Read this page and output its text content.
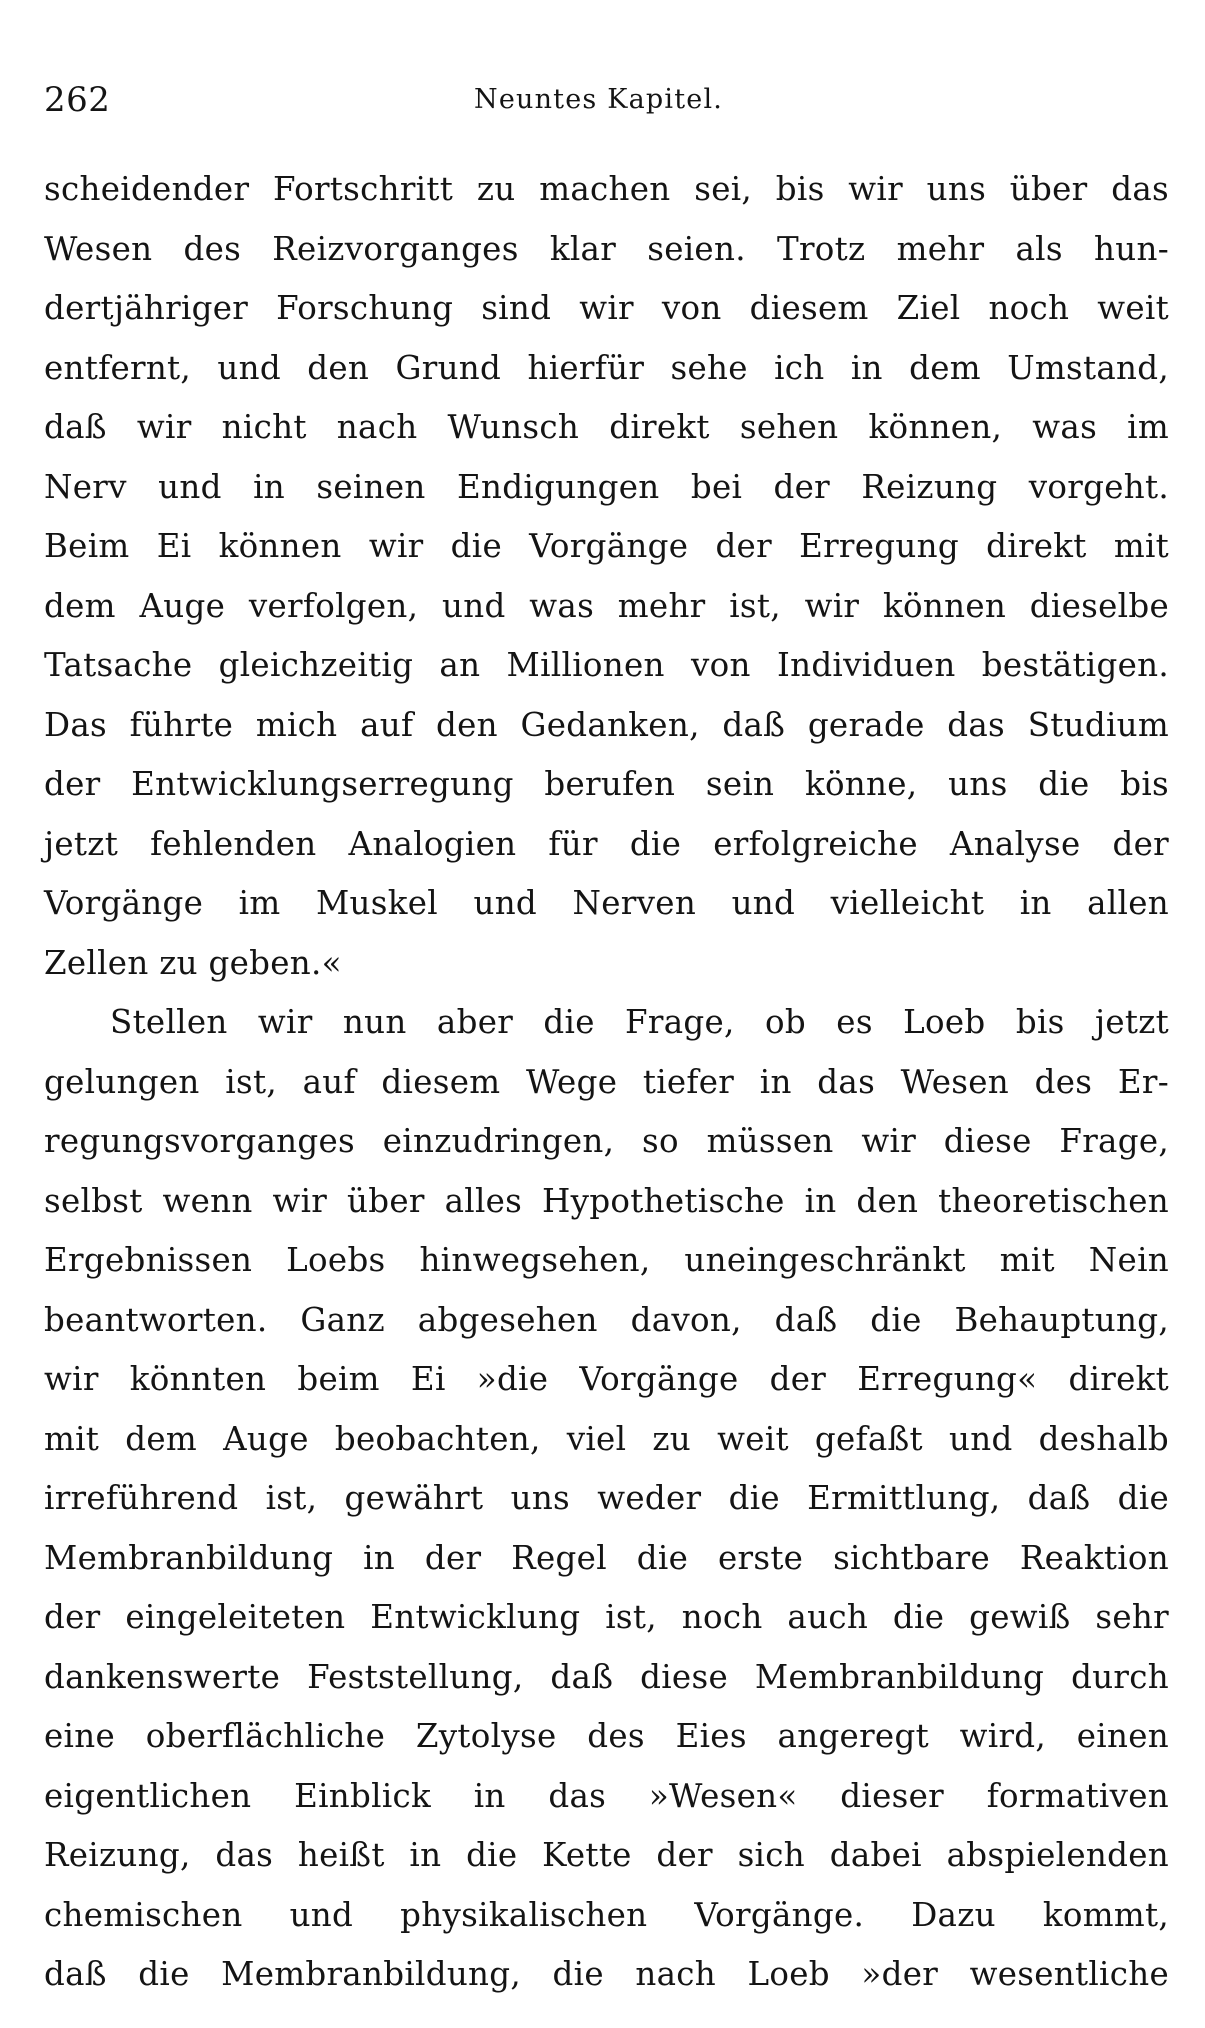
262	Neuntes Kapitel.
scheidender Fortschritt zu machen sei, bis wir uns über das
Wesen des Reizvorganges klar seien. Trotz mehr als hun-
dertjähriger Forschung sind wir von diesem Ziel noch weit
entfernt, und den Grund hierfür sehe ich in dem Umstand,
daß wir nicht nach Wunsch direkt sehen können, was im
Nerv und in seinen Endigungen bei der Reizung vorgeht.
Beim Ei können wir die Vorgänge der Erregung direkt mit
dem Auge verfolgen, und was mehr ist, wir können dieselbe
Tatsache gleichzeitig an Millionen von Individuen bestätigen.
Das führte mich auf den Gedanken, daß gerade das Studium
der Entwicklungserregung berufen sein könne, uns die bis
jetzt fehlenden Analogien für die erfolgreiche Analyse der
Vorgänge im Muskel und Nerven und vielleicht in allen
Zellen zu geben.«
Stellen wir nun aber die Frage, ob es Loeb bis jetzt
gelungen ist, auf diesem Wege tiefer in das Wesen des Er-
regungsvorganges einzudringen, so müssen wir diese Frage,
selbst wenn wir über alles Hypothetische in den theoretischen
Ergebnissen Loebs hinwegsehen, uneingeschränkt mit Nein
beantworten. Ganz abgesehen davon, daß die Behauptung,
wir könnten beim Ei »die Vorgänge der Erregung« direkt
mit dem Auge beobachten, viel zu weit gefaßt und deshalb
irreführend ist, gewährt uns weder die Ermittlung, daß die
Membranbildung in der Regel die erste sichtbare Reaktion
der eingeleiteten Entwicklung ist, noch auch die gewiß sehr
dankenswerte Feststellung, daß diese Membranbildung durch
eine oberflächliche Zytolyse des Eies angeregt wird, einen
eigentlichen Einblick in das »Wesen« dieser formativen
Reizung, das heißt in die Kette der sich dabei abspielenden
chemischen und physikalischen Vorgänge. Dazu kommt,
daß die Membranbildung, die nach Loeb »der wesentliche
